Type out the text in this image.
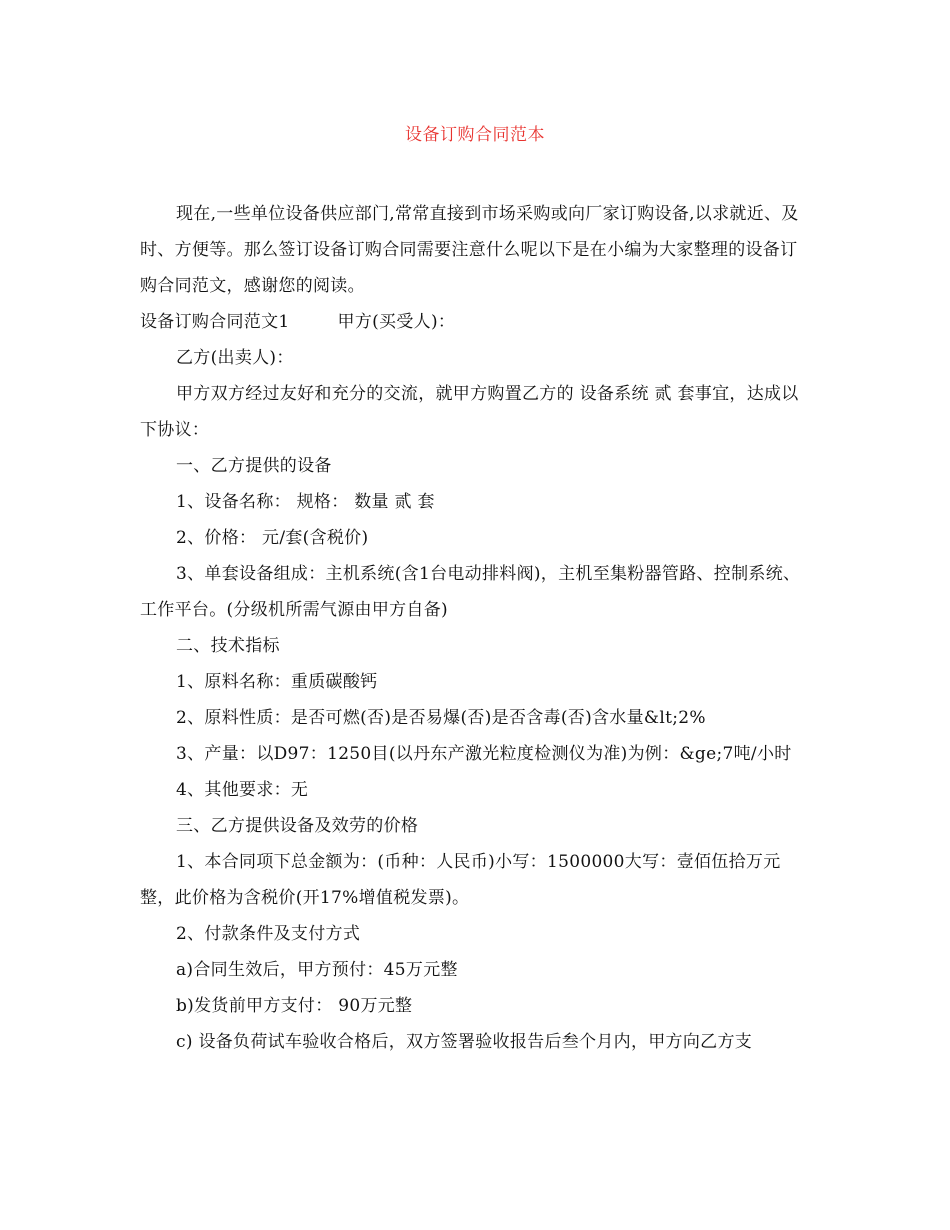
设备订购合同范本

现在,一些单位设备供应部门,常常直接到市场采购或向厂家订购设备,以求就近、及时、方便等。那么签订设备订购合同需要注意什么呢以下是在小编为大家整理的设备订购合同范文，感谢您的阅读。

设备订购合同范文1	甲方(买受人)：

乙方(出卖人)：

甲方双方经过友好和充分的交流，就甲方购置乙方的 设备系统 贰 套事宜，达成以下协议：

一、乙方提供的设备

1、设备名称： 规格： 数量 贰 套

2、价格： 元/套(含税价)

3、单套设备组成：主机系统(含1台电动排料阀)，主机至集粉器管路、控制系统、工作平台。(分级机所需气源由甲方自备)

二、技术指标

1、原料名称：重质碳酸钙

2、原料性质：是否可燃(否)是否易爆(否)是否含毒(否)含水量&lt;2%

3、产量：以D97：1250目(以丹东产激光粒度检测仪为准)为例：&ge;7吨/小时

4、其他要求：无

三、乙方提供设备及效劳的价格

1、本合同项下总金额为：(币种：人民币)小写：1500000大写：壹佰伍拾万元整，此价格为含税价(开17%增值税发票)。

2、付款条件及支付方式

a)合同生效后，甲方预付：45万元整

b)发货前甲方支付： 90万元整

c) 设备负荷试车验收合格后，双方签署验收报告后叁个月内，甲方向乙方支
